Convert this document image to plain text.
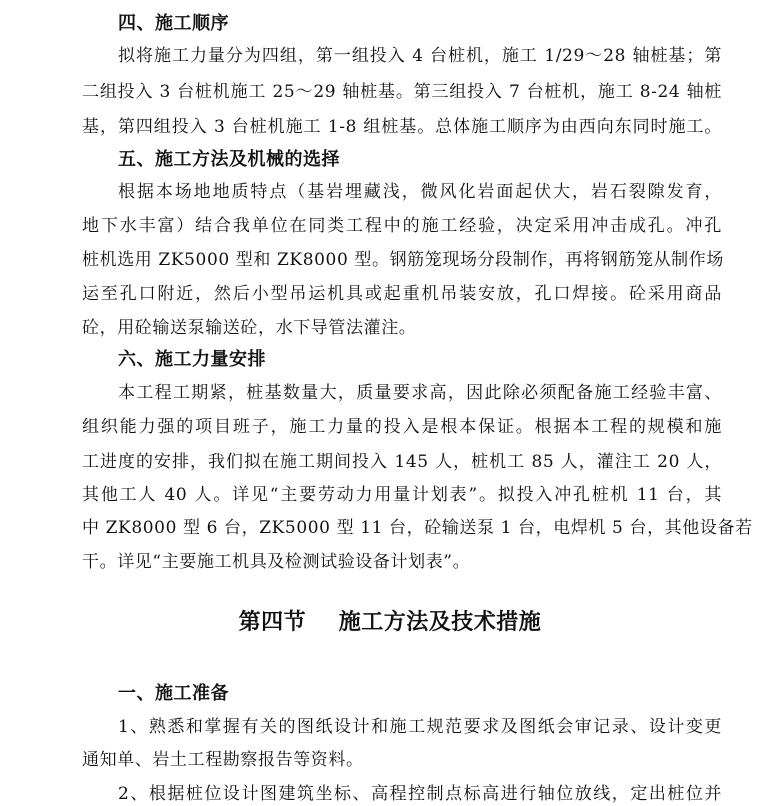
四、施工顺序
拟将施工力量分为四组，第一组投入 4 台桩机，施工 1/29～28 轴桩基；第
二组投入 3 台桩机施工 25～29 轴桩基。第三组投入 7 台桩机，施工 8-24 轴桩
基，第四组投入 3 台桩机施工 1-8 组桩基。总体施工顺序为由西向东同时施工。
五、施工方法及机械的选择
根据本场地地质特点（基岩埋藏浅，微风化岩面起伏大，岩石裂隙发育，
地下水丰富）结合我单位在同类工程中的施工经验，决定采用冲击成孔。冲孔
桩机选用 ZK5000 型和 ZK8000 型。钢筋笼现场分段制作，再将钢筋笼从制作场
运至孔口附近，然后小型吊运机具或起重机吊装安放，孔口焊接。砼采用商品
砼，用砼输送泵输送砼，水下导管法灌注。
六、施工力量安排
本工程工期紧，桩基数量大，质量要求高，因此除必须配备施工经验丰富、
组织能力强的项目班子，施工力量的投入是根本保证。根据本工程的规模和施
工进度的安排，我们拟在施工期间投入 145 人，桩机工 85 人，灌注工 20 人，
其他工人 40 人。详见“主要劳动力用量计划表”。拟投入冲孔桩机 11 台，其
中 ZK8000 型 6 台，ZK5000 型 11 台，砼输送泵 1 台，电焊机 5 台，其他设备若
干。详见“主要施工机具及检测试验设备计划表”。
第四节    施工方法及技术措施
一、施工准备
1、熟悉和掌握有关的图纸设计和施工规范要求及图纸会审记录、设计变更
通知单、岩土工程勘察报告等资料。
2、根据桩位设计图建筑坐标、高程控制点标高进行轴位放线，定出桩位并
